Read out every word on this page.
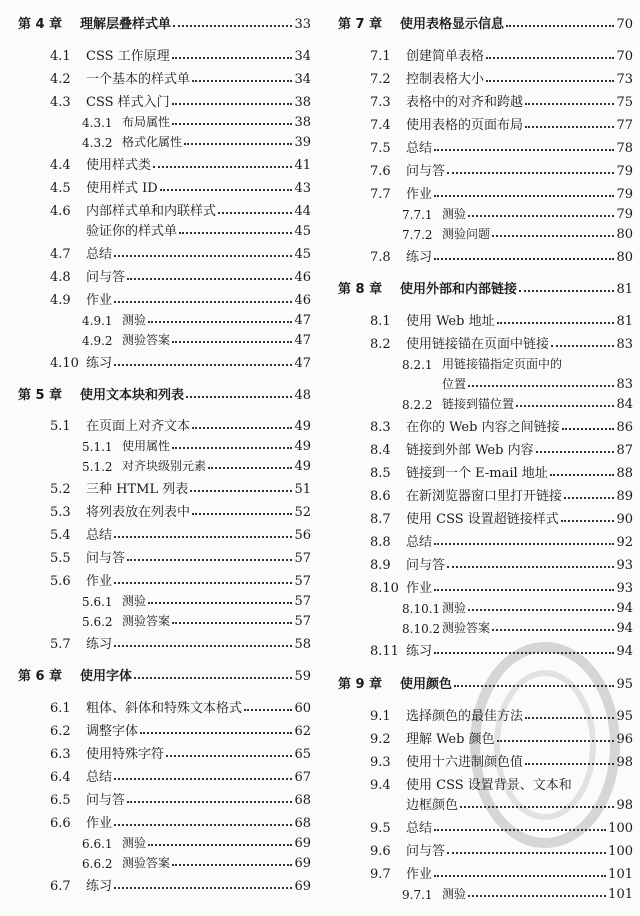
第 4 章	理解层叠样式单	33
4.1	CSS 工作原理	34
4.2	一个基本的样式单	34
4.3	CSS 样式入门	38
4.3.1 布局属性	38
4.3.2 格式化属性	39
4.4	使用样式类	41
4.5	使用样式 ID	43
4.6	内部样式单和内联样式	44
验证你的样式单	45
4.7	总结	45
4.8	问与答	46
4.9	作业	46
4.9.1 测验	47
4.9.2 测验答案	47
4.10 练习	47
第 5 章	使用文本块和列表	48
5.1	在页面上对齐文本	49
5.1.1 使用属性	49
5.1.2 对齐块级别元素	49
5.2	三种 HTML 列表	51
5.3	将列表放在列表中	52
5.4	总结	56
5.5	问与答	57
5.6	作业	57
5.6.1 测验	57
5.6.2 测验答案	57
5.7	练习	58
第 6 章	使用字体	59
6.1	粗体、斜体和特殊文本格式	60
6.2	调整字体	62
6.3	使用特殊字符	65
6.4	总结	67
6.5	问与答	68
6.6	作业	68
6.6.1 测验	69
6.6.2 测验答案	69
6.7	练习	69
第 7 章	使用表格显示信息	70
7.1	创建简单表格	70
7.2	控制表格大小	73
7.3	表格中的对齐和跨越	75
7.4	使用表格的页面布局	77
7.5	总结	78
7.6	问与答	79
7.7	作业	79
7.7.1 测验	79
7.7.2 测验问题	80
7.8	练习	80
第 8 章	使用外部和内部链接	81
8.1	使用 Web 地址	81
8.2	使用链接锚在页面中链接	83
8.2.1 用链接锚指定页面中的
位置	83
8.2.2 链接到锚位置	84
8.3	在你的 Web 内容之间链接	86
8.4	链接到外部 Web 内容	87
8.5	链接到一个 E-mail 地址	88
8.6	在新浏览器窗口里打开链接	89
8.7	使用 CSS 设置超链接样式	90
8.8	总结	92
8.9	问与答	93
8.10 作业	93
8.10.1 测验	94
8.10.2 测验答案	94
8.11 练习	94
第 9 章	使用颜色	95
9.1	选择颜色的最佳方法	95
9.2	理解 Web 颜色	96
9.3	使用十六进制颜色值	98
9.4	使用 CSS 设置背景、文本和
边框颜色	98
9.5	总结	100
9.6	问与答	100
9.7	作业	101
9.7.1 测验	101
